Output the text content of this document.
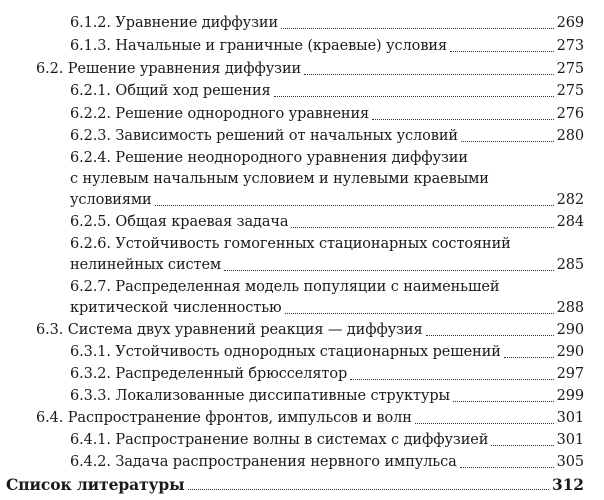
6.1.2. Уравнение диффузии	269
6.1.3. Начальные и граничные (краевые) условия	273
6.2. Решение уравнения диффузии	275
6.2.1. Общий ход решения	275
6.2.2. Решение однородного уравнения	276
6.2.3. Зависимость решений от начальных условий	280
6.2.4. Решение неоднородного уравнения диффузии
с нулевым начальным условием и нулевыми краевыми
условиями	282
6.2.5. Общая краевая задача	284
6.2.6. Устойчивость гомогенных стационарных состояний
нелинейных систем	285
6.2.7. Распределенная модель популяции с наименьшей
критической численностью	288
6.3. Система двух уравнений реакция — диффузия	290
6.3.1. Устойчивость однородных стационарных решений	290
6.3.2. Распределенный брюсселятор	297
6.3.3. Локализованные диссипативные структуры	299
6.4. Распространение фронтов, импульсов и волн	301
6.4.1. Распространение волны в системах с диффузией	301
6.4.2. Задача распространения нервного импульса	305
Список литературы	312
